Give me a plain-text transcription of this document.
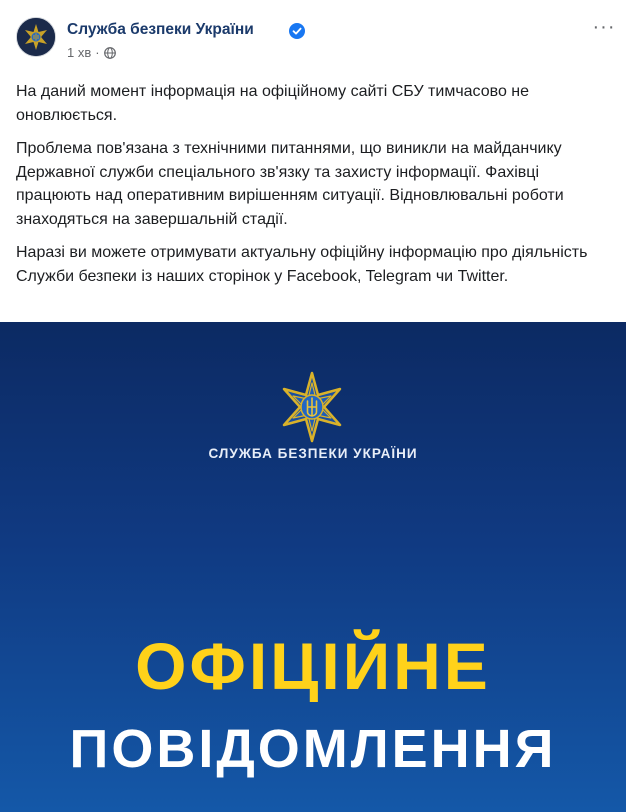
Служба безпеки України
1 хв ·
···

На даний момент інформація на офіційному сайті СБУ тимчасово не оновлюється.

Проблема пов'язана з технічними питаннями, що виникли на майданчику Державної служби спеціального зв'язку та захисту інформації. Фахівці працюють над оперативним вирішенням ситуації. Відновлювальні роботи знаходяться на завершальній стадії.

Наразі ви можете отримувати актуальну офіційну інформацію про діяльність Служби безпеки із наших сторінок у Facebook, Telegram чи Twitter.

СЛУЖБА БЕЗПЕКИ УКРАЇНИ
ОФІЦІЙНЕ
ПОВІДОМЛЕННЯ
